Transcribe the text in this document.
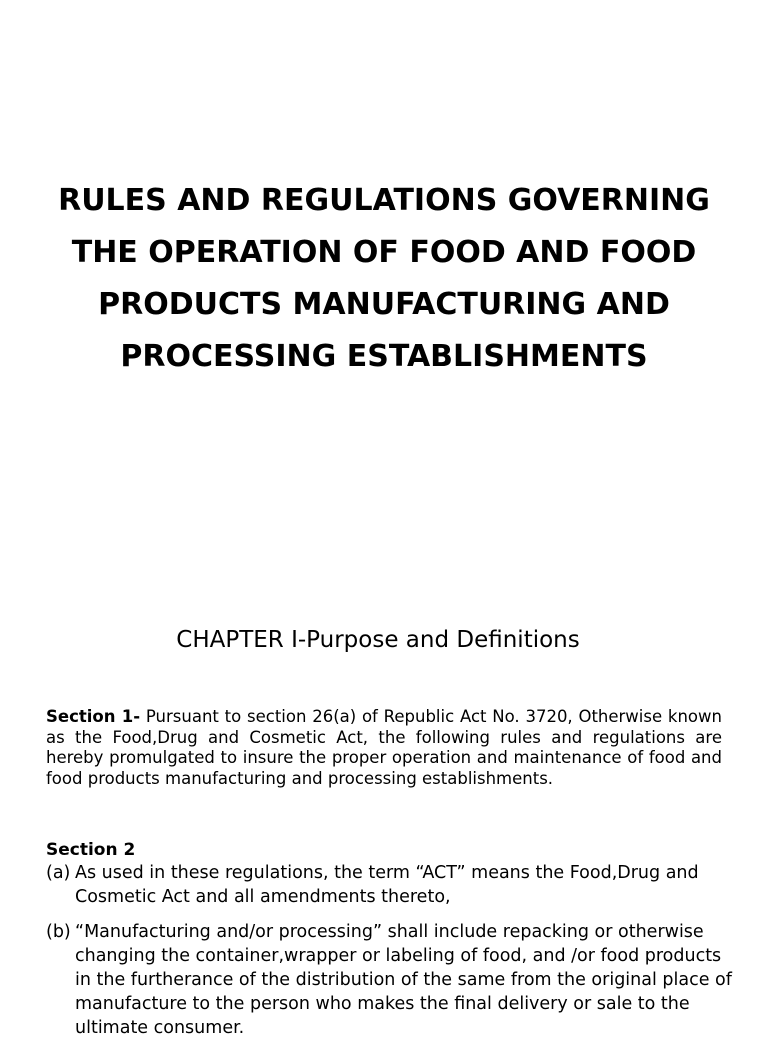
RULES AND REGULATIONS GOVERNING
THE OPERATION OF FOOD AND FOOD
PRODUCTS MANUFACTURING AND
PROCESSING ESTABLISHMENTS
CHAPTER I-Purpose and Definitions
Section 1- Pursuant to section 26(a) of Republic Act No. 3720, Otherwise known as the Food,Drug and Cosmetic Act, the following rules and regulations are hereby promulgated to insure the proper operation and maintenance of food and food products manufacturing and processing establishments.
Section 2
(a) As used in these regulations, the term “ACT” means the Food,Drug and Cosmetic Act and all amendments thereto,
(b) “Manufacturing and/or processing” shall include repacking or otherwise changing the container,wrapper or labeling of food, and /or food products in the furtherance of the distribution of the same from the original place of manufacture to the person who makes the final delivery or sale to the ultimate consumer.
